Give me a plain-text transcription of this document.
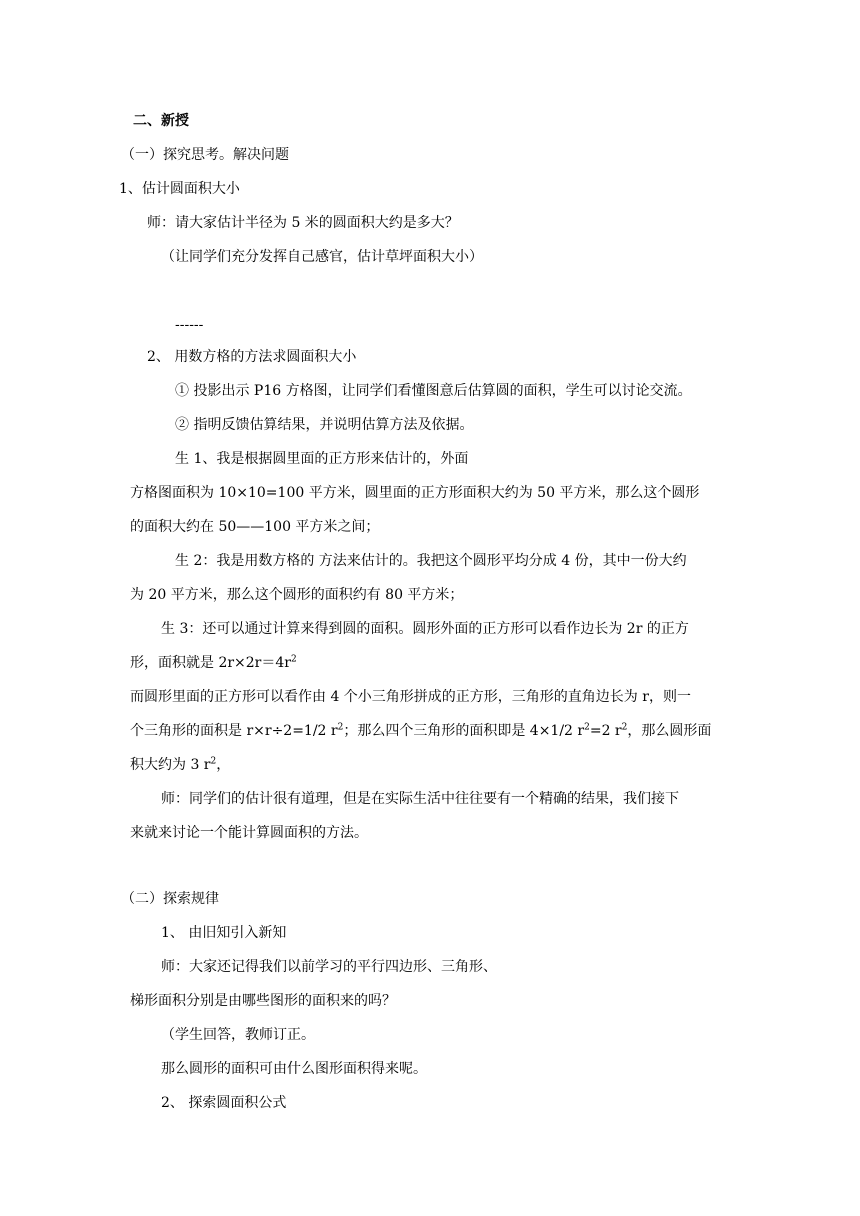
二、新授
（一）探究思考。解决问题
1、估计圆面积大小
师：请大家估计半径为 5 米的圆面积大约是多大？
（让同学们充分发挥自己感官，估计草坪面积大小）
------
2、 用数方格的方法求圆面积大小
① 投影出示 P16 方格图，让同学们看懂图意后估算圆的面积，学生可以讨论交流。
② 指明反馈估算结果，并说明估算方法及依据。
生 1、我是根据圆里面的正方形来估计的，外面
方格图面积为 10×10=100 平方米，圆里面的正方形面积大约为 50 平方米，那么这个圆形
的面积大约在 50——100 平方米之间；
生 2：我是用数方格的 方法来估计的。我把这个圆形平均分成 4 份，其中一份大约
为 20 平方米，那么这个圆形的面积约有 80 平方米；
生 3：还可以通过计算来得到圆的面积。圆形外面的正方形可以看作边长为 2r 的正方
形，面积就是 $2r\times 2r=4r^2$
而圆形里面的正方形可以看作由 4 个小三角形拼成的正方形，三角形的直角边长为 r，则一
个三角形的面积是 r×r÷2=1/2 $r^2$；那么四个三角形的面积即是 4×1/2 $r^2=2$ $r^2$，那么圆形面
积大约为 3 $r^2$，
师：同学们的估计很有道理，但是在实际生活中往往要有一个精确的结果，我们接下
来就来讨论一个能计算圆面积的方法。
（二）探索规律
1、 由旧知引入新知
师：大家还记得我们以前学习的平行四边形、三角形、
梯形面积分别是由哪些图形的面积来的吗？
（学生回答，教师订正。
那么圆形的面积可由什么图形面积得来呢。
2、 探索圆面积公式
